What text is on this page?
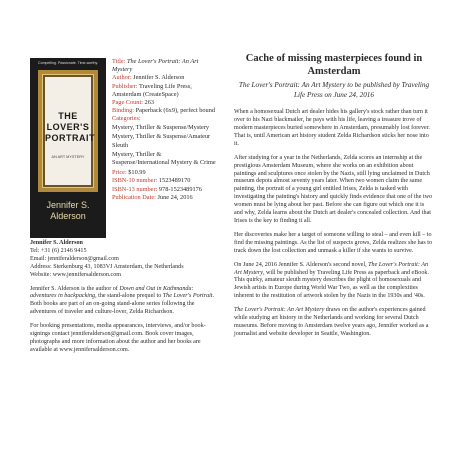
Compelling. Passionate. Time-worthy.
THE LOVER'S
PORTRAIT
AN ART MYSTERY
Jennifer S.
Alderson
Title: The Lover's Portrait: An Art Mystery
Author: Jennifer S. Alderson
Publisher: Traveling Life Press, Amsterdam (CreateSpace)
Page Count: 263
Binding: Paperback (6x9), perfect bound
Categories:
Mystery, Thriller & Suspense/Mystery
Mystery, Thriller & Suspense/Amateur Sleuth
Mystery, Thriller & Suspense/International Mystery & Crime
Price: $10.99
ISBN-10 number: 1523489170
ISBN-13 number: 978-1523489176
Publication Date: June 24, 2016
Jennifer S. Alderson
Tel: +31 (6) 2146 9415
Email: jenniferalderson@gmail.com
Address: Sterkenburg 43, 1083VJ Amsterdam, the Netherlands
Website: www.jennifersalderson.com
Jennifer S. Alderson is the author of Down and Out in Kathmandu: adventures in backpacking, the stand-alone prequel to The Lover's Portrait. Both books are part of an on-going stand-alone series following the adventures of traveler and culture-lover, Zelda Richardson.
For booking presentations, media appearances, interviews, and/or book-signings contact jenniferalderson@gmail.com. Book cover images, photographs and more information about the author and her books are available at www.jennifersalderson.com.
Cache of missing masterpieces found in Amsterdam
The Lover's Portrait: An Art Mystery to be published by Traveling Life Press on June 24, 2016

When a homosexual Dutch art dealer hides his gallery's stock rather than turn it over to his Nazi blackmailer, he pays with his life, leaving a treasure trove of modern masterpieces buried somewhere in Amsterdam, presumably lost forever. That is, until American art history student Zelda Richardson sticks her nose into it.

After studying for a year in the Netherlands, Zelda scores an internship at the prestigious Amsterdam Museum, where she works on an exhibition about paintings and sculptures once stolen by the Nazis, still lying unclaimed in Dutch museum depots almost seventy years later. When two women claim the same painting, the portrait of a young girl entitled Irises, Zelda is tasked with investigating the painting's history and quickly finds evidence that one of the two women must be lying about her past. Before she can figure out which one it is and why, Zelda learns about the Dutch art dealer's concealed collection. And that Irises is the key to finding it all.

Her discoveries make her a target of someone willing to steal – and even kill – to find the missing paintings. As the list of suspects grows, Zelda realizes she has to track down the lost collection and unmask a killer if she wants to survive.

On June 24, 2016 Jennifer S. Alderson's second novel, The Lover's Portrait: An Art Mystery, will be published by Traveling Life Press as paperback and eBook. This quirky, amateur sleuth mystery describes the plight of homosexuals and Jewish artists in Europe during World War Two, as well as the complexities inherent to the restitution of artwork stolen by the Nazis in the 1930s and '40s.

The Lover's Portrait: An Art Mystery draws on the author's experiences gained while studying art history in the Netherlands and working for several Dutch museums. Before moving to Amsterdam twelve years ago, Jennifer worked as a journalist and website developer in Seattle, Washington.
